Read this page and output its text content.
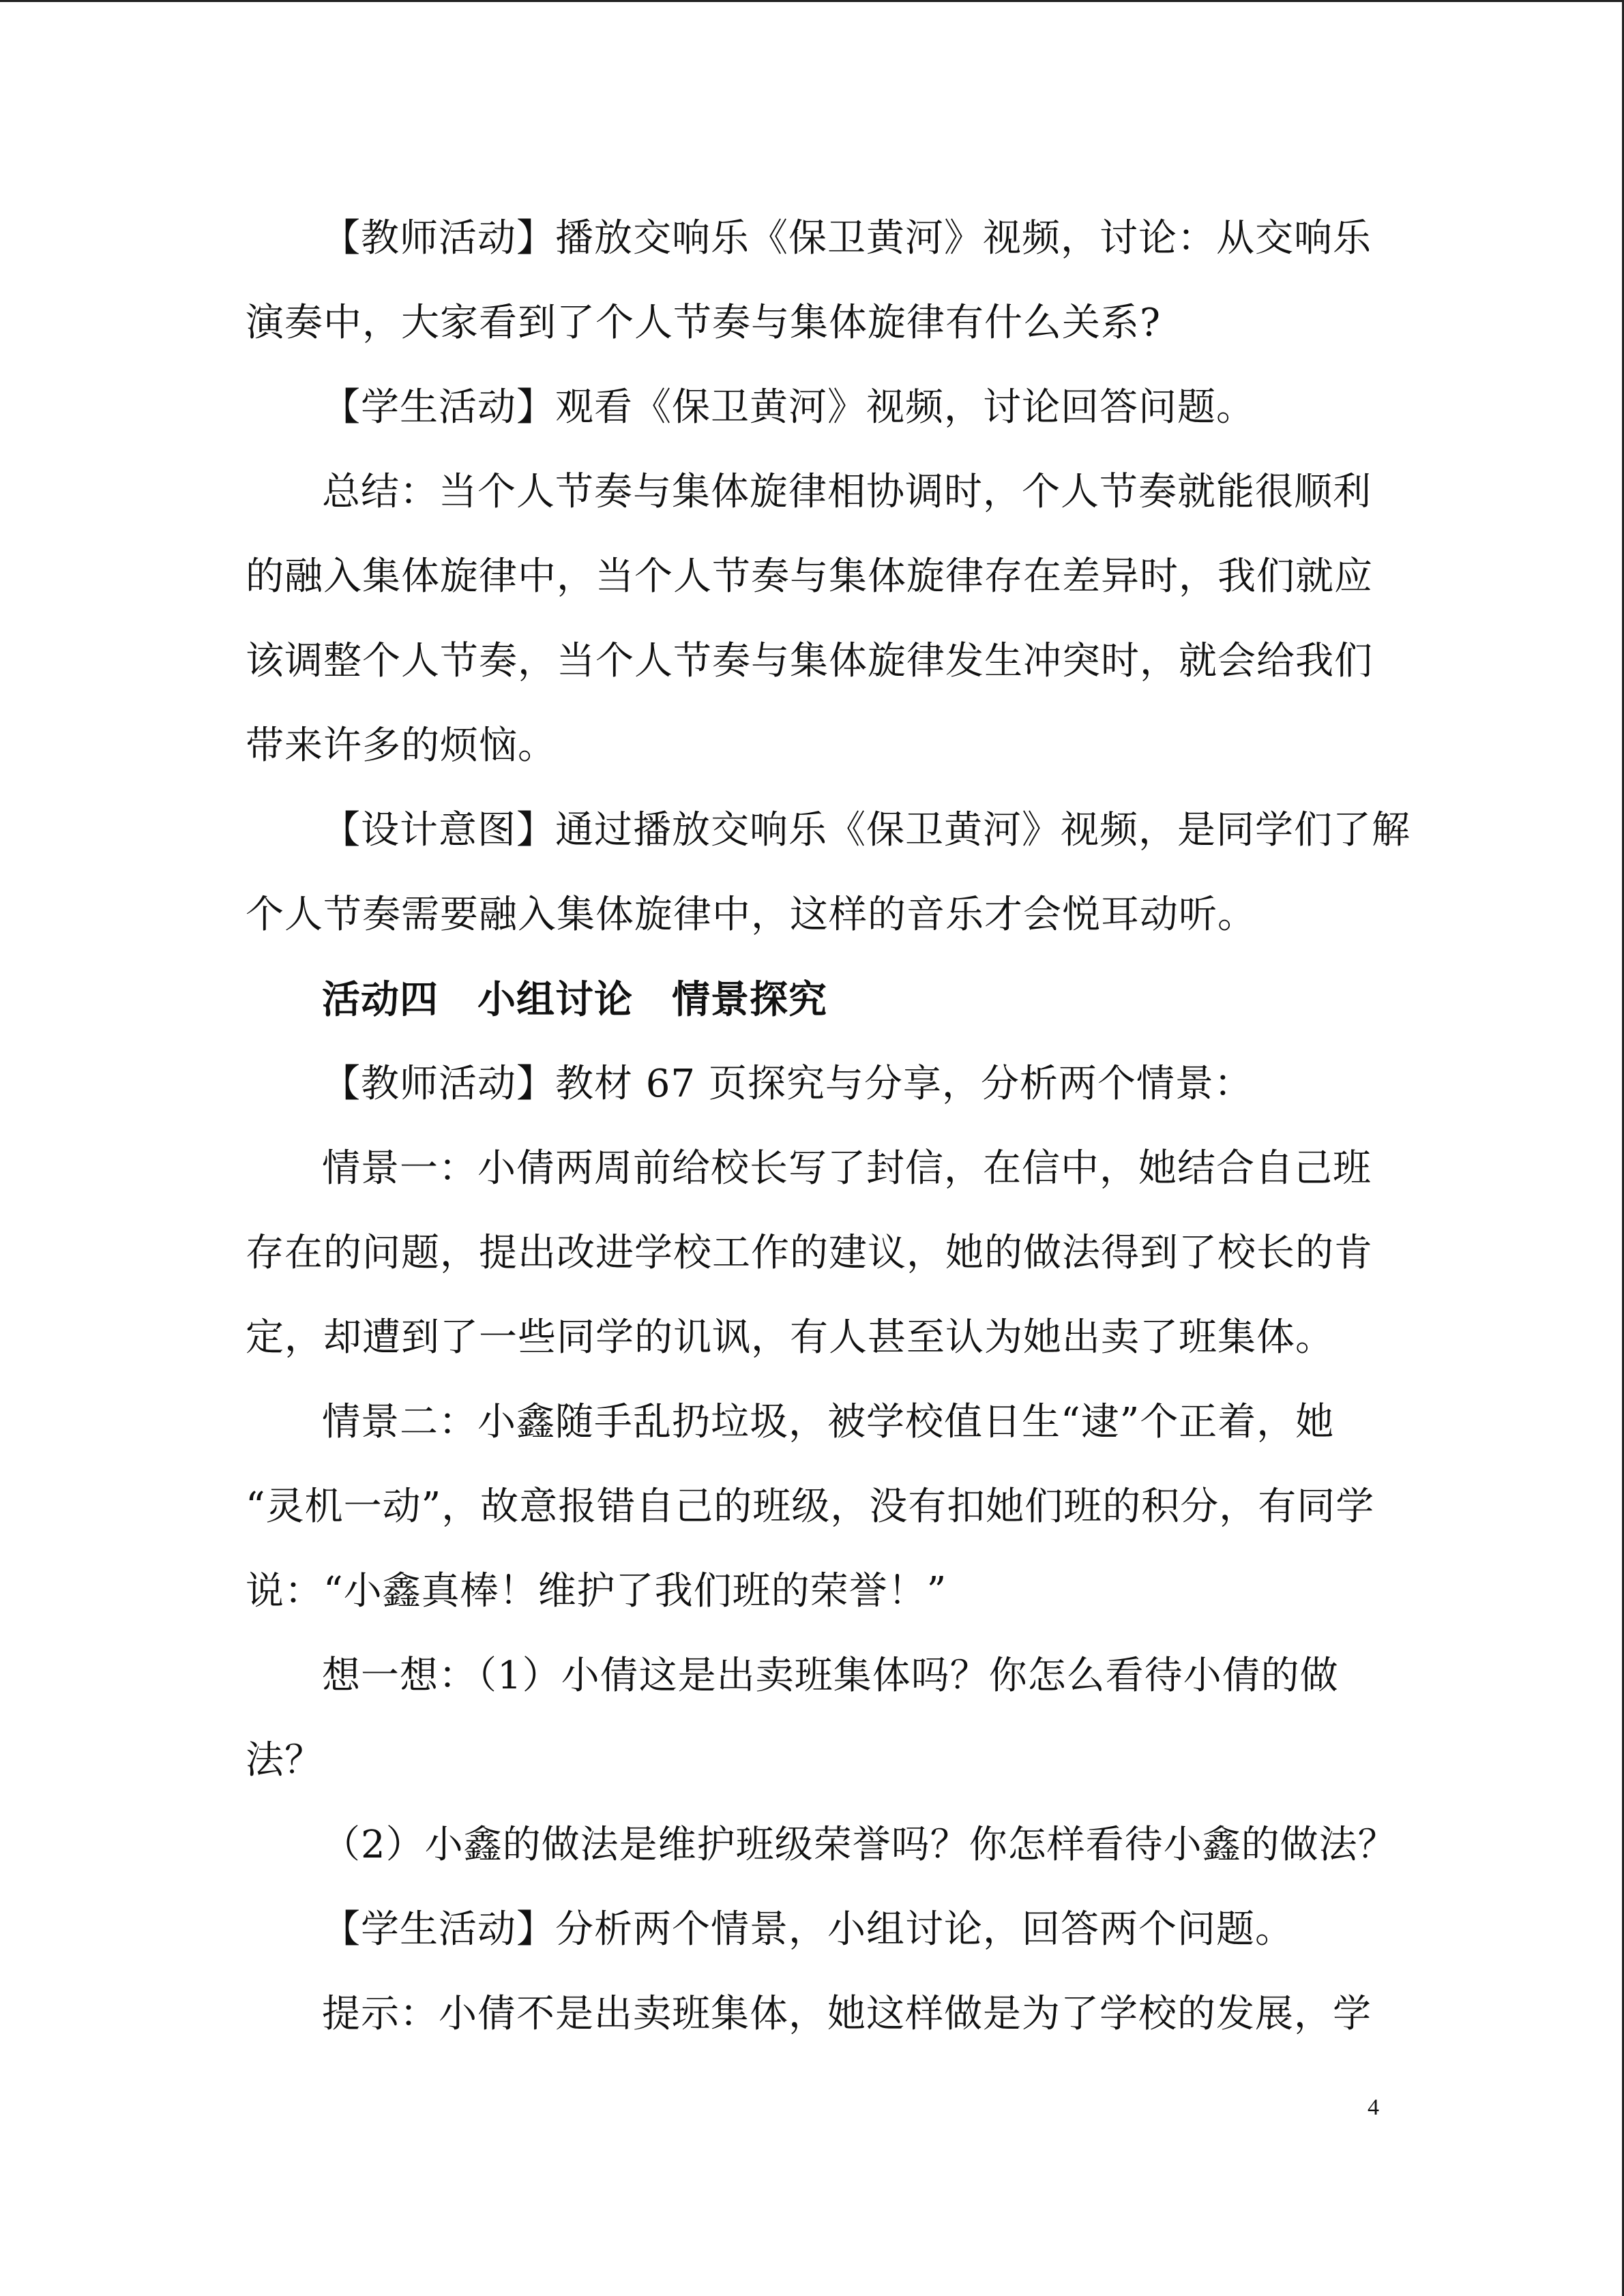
【教师活动】播放交响乐《保卫黄河》视频，讨论：从交响乐

演奏中，大家看到了个人节奏与集体旋律有什么关系?

【学生活动】观看《保卫黄河》视频，讨论回答问题。

总结：当个人节奏与集体旋律相协调时，个人节奏就能很顺利

的融入集体旋律中，当个人节奏与集体旋律存在差异时，我们就应

该调整个人节奏，当个人节奏与集体旋律发生冲突时，就会给我们

带来许多的烦恼。

【设计意图】通过播放交响乐《保卫黄河》视频，是同学们了解

个人节奏需要融入集体旋律中，这样的音乐才会悦耳动听。

活动四　小组讨论　情景探究

【教师活动】教材 67 页探究与分享，分析两个情景：

情景一：小倩两周前给校长写了封信，在信中，她结合自己班

存在的问题，提出改进学校工作的建议，她的做法得到了校长的肯

定，却遭到了一些同学的讥讽，有人甚至认为她出卖了班集体。

情景二：小鑫随手乱扔垃圾，被学校值日生“逮”个正着，她

“灵机一动”，故意报错自己的班级，没有扣她们班的积分，有同学

说：“小鑫真棒！维护了我们班的荣誉！”

想一想：（1）小倩这是出卖班集体吗？你怎么看待小倩的做

法？

（2）小鑫的做法是维护班级荣誉吗？你怎样看待小鑫的做法？

【学生活动】分析两个情景，小组讨论，回答两个问题。

提示：小倩不是出卖班集体，她这样做是为了学校的发展，学

4
